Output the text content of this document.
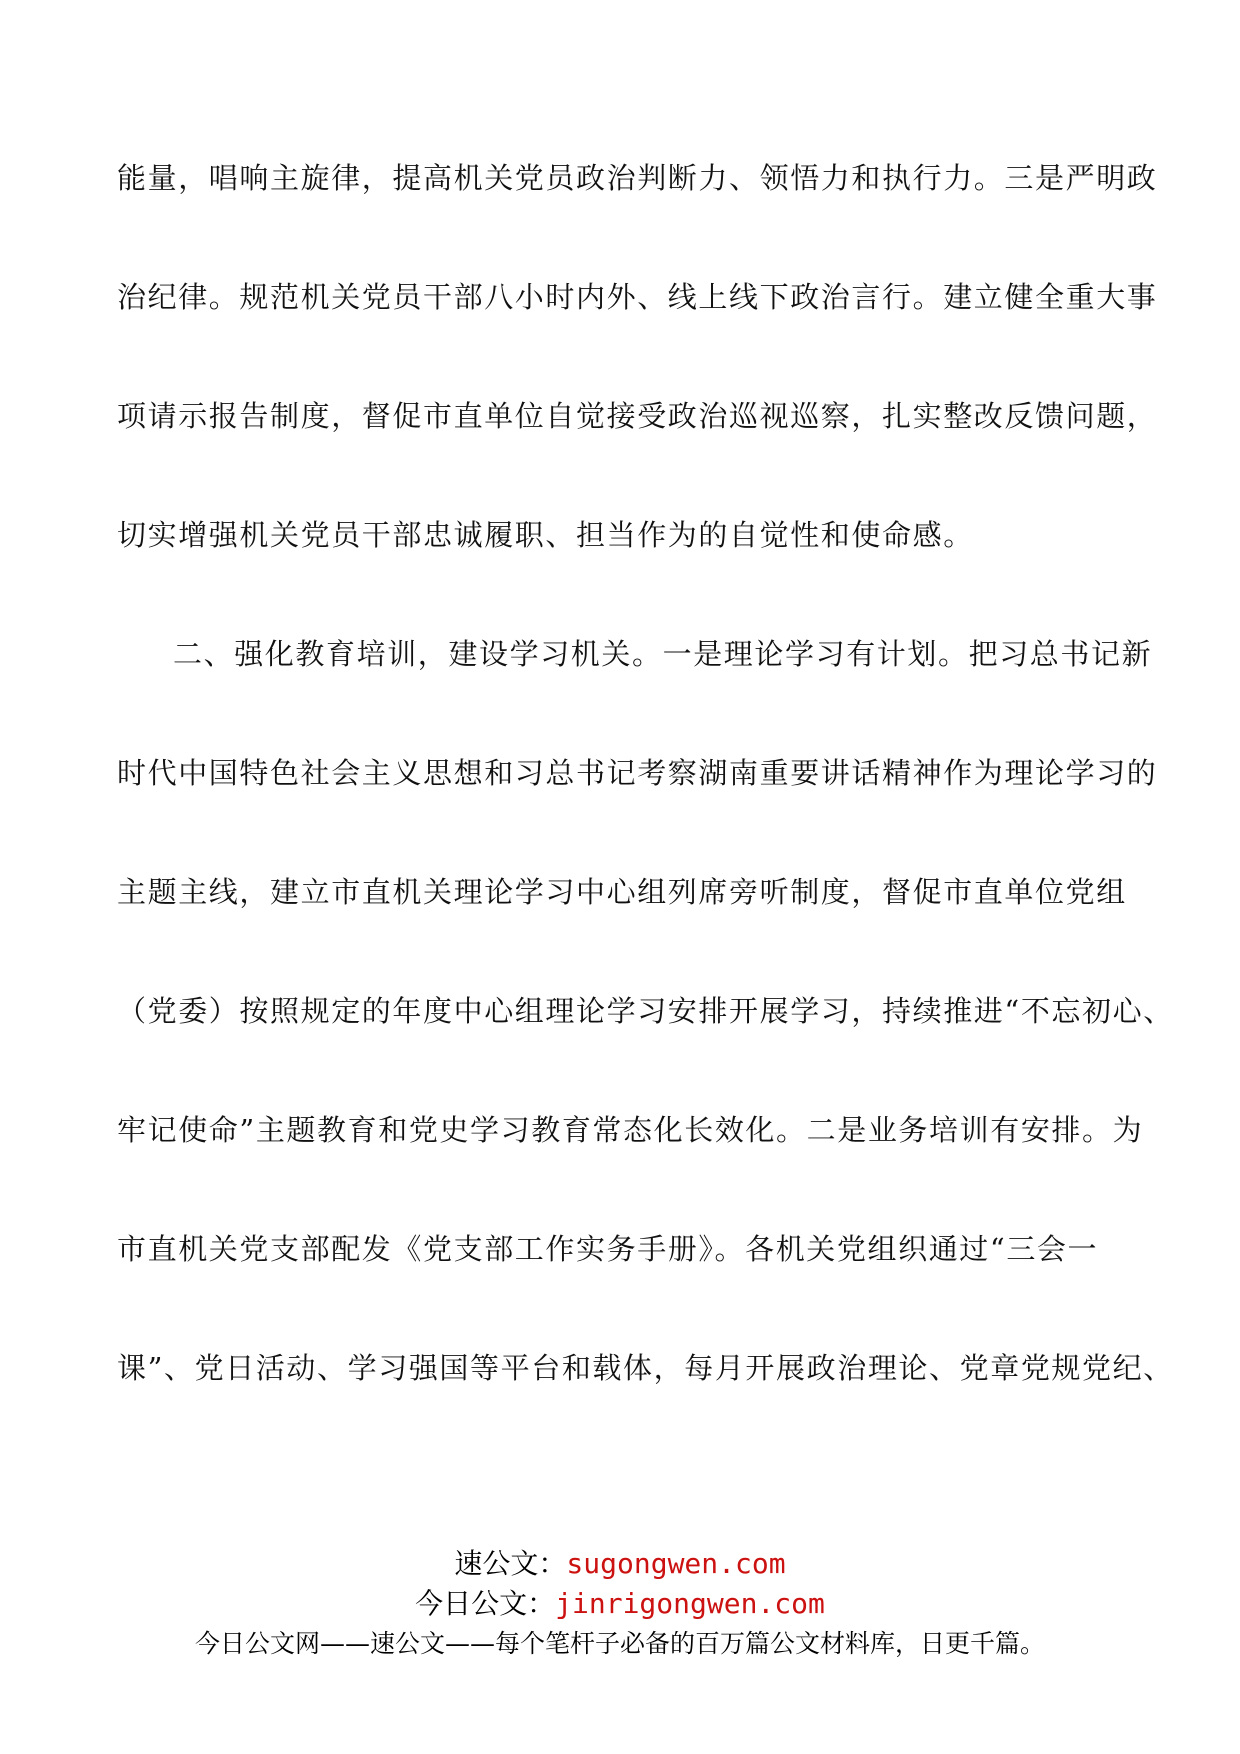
能量，唱响主旋律，提高机关党员政治判断力、领悟力和执行力。三是严明政
治纪律。规范机关党员干部八小时内外、线上线下政治言行。建立健全重大事
项请示报告制度，督促市直单位自觉接受政治巡视巡察，扎实整改反馈问题，
切实增强机关党员干部忠诚履职、担当作为的自觉性和使命感。
二、强化教育培训，建设学习机关。一是理论学习有计划。把习总书记新
时代中国特色社会主义思想和习总书记考察湖南重要讲话精神作为理论学习的
主题主线，建立市直机关理论学习中心组列席旁听制度，督促市直单位党组
（党委）按照规定的年度中心组理论学习安排开展学习，持续推进“不忘初心、
牢记使命”主题教育和党史学习教育常态化长效化。二是业务培训有安排。为
市直机关党支部配发《党支部工作实务手册》。各机关党组织通过“三会一
课”、党日活动、学习强国等平台和载体，每月开展政治理论、党章党规党纪、
速公文：sugongwen.com
今日公文：jinrigongwen.com
今日公文网——速公文——每个笔杆子必备的百万篇公文材料库，日更千篇。
